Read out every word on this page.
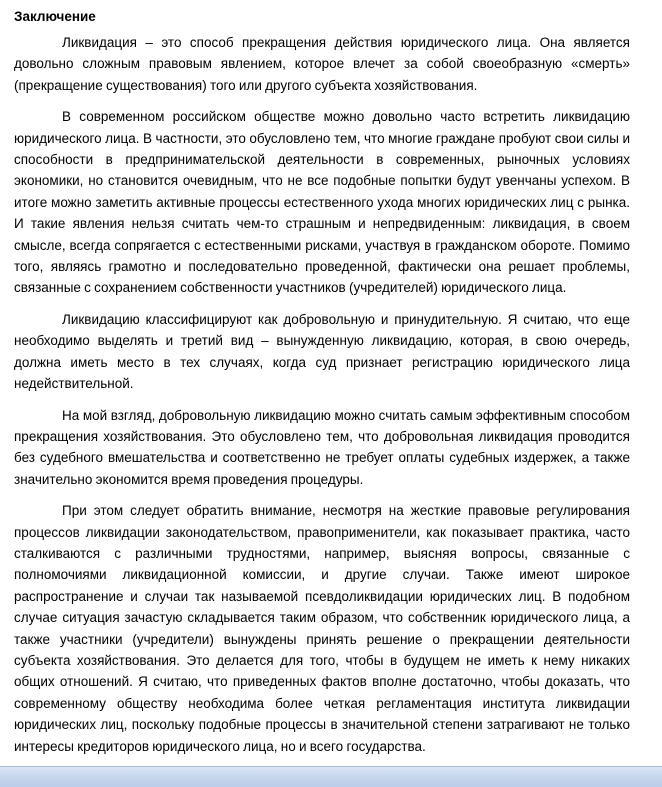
Заключение

Ликвидация – это способ прекращения действия юридического лица. Она является довольно сложным правовым явлением, которое влечет за собой своеобразную «смерть» (прекращение существования) того или другого субъекта хозяйствования.

В современном российском обществе можно довольно часто встретить ликвидацию юридического лица. В частности, это обусловлено тем, что многие граждане пробуют свои силы и способности в предпринимательской деятельности в современных, рыночных условиях экономики, но становится очевидным, что не все подобные попытки будут увенчаны успехом. В итоге можно заметить активные процессы естественного ухода многих юридических лиц с рынка. И такие явления нельзя считать чем-то страшным и непредвиденным: ликвидация, в своем смысле, всегда сопрягается с естественными рисками, участвуя в гражданском обороте. Помимо того, являясь грамотно и последовательно проведенной, фактически она решает проблемы, связанные с сохранением собственности участников (учредителей) юридического лица.

Ликвидацию классифицируют как добровольную и принудительную. Я считаю, что еще необходимо выделять и третий вид – вынужденную ликвидацию, которая, в свою очередь, должна иметь место в тех случаях, когда суд признает регистрацию юридического лица недействительной.

На мой взгляд, добровольную ликвидацию можно считать самым эффективным способом прекращения хозяйствования. Это обусловлено тем, что добровольная ликвидация проводится без судебного вмешательства и соответственно не требует оплаты судебных издержек, а также значительно экономится время проведения процедуры.

При этом следует обратить внимание, несмотря на жесткие правовые регулирования процессов ликвидации законодательством, правоприменители, как показывает практика, часто сталкиваются с различными трудностями, например, выясняя вопросы, связанные с полномочиями ликвидационной комиссии, и другие случаи. Также имеют широкое распространение и случаи так называемой псевдоликвидации юридических лиц. В подобном случае ситуация зачастую складывается таким образом, что собственник юридического лица, а также участники (учредители) вынуждены принять решение о прекращении деятельности субъекта хозяйствования. Это делается для того, чтобы в будущем не иметь к нему никаких общих отношений. Я считаю, что приведенных фактов вполне достаточно, чтобы доказать, что современному обществу необходима более четкая регламентация института ликвидации юридических лиц, поскольку подобные процессы в значительной степени затрагивают не только интересы кредиторов юридического лица, но и всего государства.
